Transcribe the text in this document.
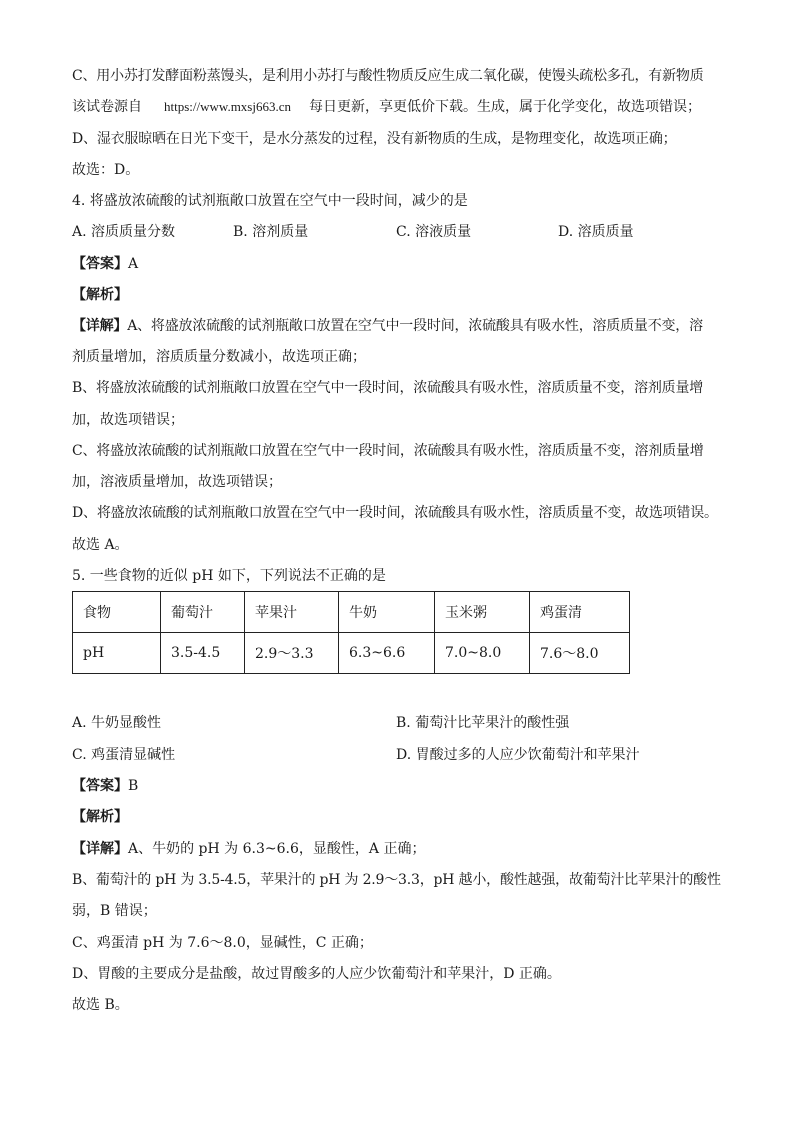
C、用小苏打发酵面粉蒸馒头，是利用小苏打与酸性物质反应生成二氧化碳，使馒头疏松多孔，有新物质
该试卷源自 https://www.mxsj663.cn 每日更新，享更低价下载。生成，属于化学变化，故选项错误；
D、湿衣服晾晒在日光下变干，是水分蒸发的过程，没有新物质的生成，是物理变化，故选项正确；
故选：D。
4. 将盛放浓硫酸的试剂瓶敞口放置在空气中一段时间，减少的是
A. 溶质质量分数	B. 溶剂质量	C. 溶液质量	D. 溶质质量
【答案】A
【解析】
【详解】A、将盛放浓硫酸的试剂瓶敞口放置在空气中一段时间，浓硫酸具有吸水性，溶质质量不变，溶
剂质量增加，溶质质量分数减小，故选项正确；
B、将盛放浓硫酸的试剂瓶敞口放置在空气中一段时间，浓硫酸具有吸水性，溶质质量不变，溶剂质量增
加，故选项错误；
C、将盛放浓硫酸的试剂瓶敞口放置在空气中一段时间，浓硫酸具有吸水性，溶质质量不变，溶剂质量增
加，溶液质量增加，故选项错误；
D、将盛放浓硫酸的试剂瓶敞口放置在空气中一段时间，浓硫酸具有吸水性，溶质质量不变，故选项错误。
故选 A。
5. 一些食物的近似 pH 如下，下列说法不正确的是
食物	葡萄汁	苹果汁	牛奶	玉米粥	鸡蛋清
pH	3.5-4.5	2.9～3.3	6.3~6.6	7.0~8.0	7.6～8.0
A. 牛奶显酸性	B. 葡萄汁比苹果汁的酸性强
C. 鸡蛋清显碱性	D. 胃酸过多的人应少饮葡萄汁和苹果汁
【答案】B
【解析】
【详解】A、牛奶的 pH 为 6.3~6.6，显酸性，A 正确；
B、葡萄汁的 pH 为 3.5-4.5，苹果汁的 pH 为 2.9～3.3，pH 越小，酸性越强，故葡萄汁比苹果汁的酸性
弱，B 错误；
C、鸡蛋清 pH 为 7.6～8.0，显碱性，C 正确；
D、胃酸的主要成分是盐酸，故过胃酸多的人应少饮葡萄汁和苹果汁，D 正确。
故选 B。
